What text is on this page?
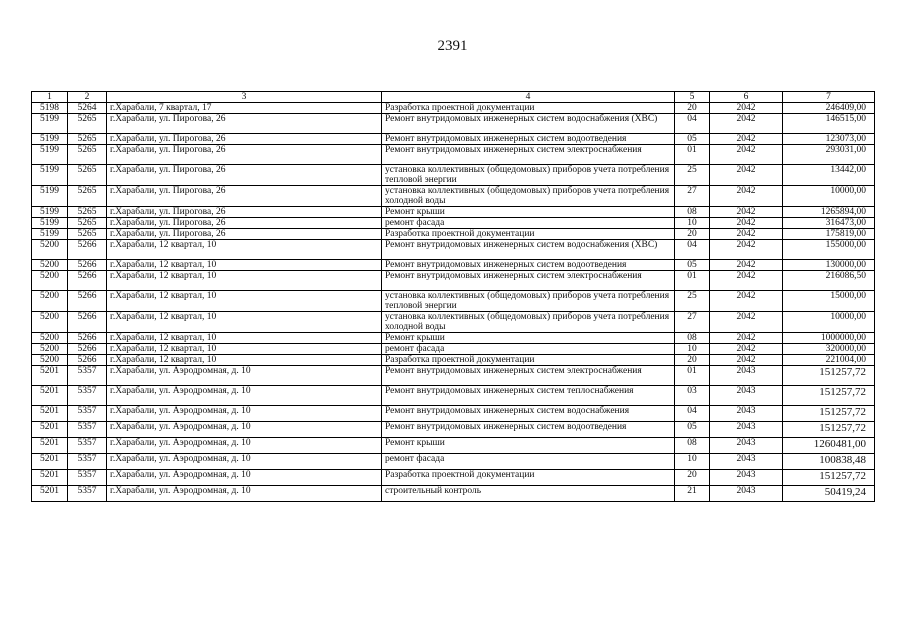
2391
1	2	3	4	5	6	7
5198	5264	г.Харабали, 7 квартал, 17	Разработка проектной документации	20	2042	246409,00
5199	5265	г.Харабали, ул. Пирогова, 26	Ремонт внутридомовых инженерных систем водоснабжения (ХВС)	04	2042	146515,00
5199	5265	г.Харабали, ул. Пирогова, 26	Ремонт внутридомовых инженерных систем водоотведения	05	2042	123073,00
5199	5265	г.Харабали, ул. Пирогова, 26	Ремонт внутридомовых инженерных систем электроснабжения	01	2042	293031,00
5199	5265	г.Харабали, ул. Пирогова, 26	установка коллективных (общедомовых) приборов учета потребления тепловой энергии	25	2042	13442,00
5199	5265	г.Харабали, ул. Пирогова, 26	установка коллективных (общедомовых) приборов учета потребления холодной воды	27	2042	10000,00
5199	5265	г.Харабали, ул. Пирогова, 26	Ремонт крыши	08	2042	1265894,00
5199	5265	г.Харабали, ул. Пирогова, 26	ремонт фасада	10	2042	316473,00
5199	5265	г.Харабали, ул. Пирогова, 26	Разработка проектной документации	20	2042	175819,00
5200	5266	г.Харабали, 12 квартал, 10	Ремонт внутридомовых инженерных систем водоснабжения (ХВС)	04	2042	155000,00
5200	5266	г.Харабали, 12 квартал, 10	Ремонт внутридомовых инженерных систем водоотведения	05	2042	130000,00
5200	5266	г.Харабали, 12 квартал, 10	Ремонт внутридомовых инженерных систем электроснабжения	01	2042	216086,50
5200	5266	г.Харабали, 12 квартал, 10	установка коллективных (общедомовых) приборов учета потребления тепловой энергии	25	2042	15000,00
5200	5266	г.Харабали, 12 квартал, 10	установка коллективных (общедомовых) приборов учета потребления холодной воды	27	2042	10000,00
5200	5266	г.Харабали, 12 квартал, 10	Ремонт крыши	08	2042	1000000,00
5200	5266	г.Харабали, 12 квартал, 10	ремонт фасада	10	2042	320000,00
5200	5266	г.Харабали, 12 квартал, 10	Разработка проектной документации	20	2042	221004,00
5201	5357	г.Харабали, ул. Аэродромная, д. 10	Ремонт внутридомовых инженерных систем электроснабжения	01	2043	151257,72
5201	5357	г.Харабали, ул. Аэродромная, д. 10	Ремонт внутридомовых инженерных систем теплоснабжения	03	2043	151257,72
5201	5357	г.Харабали, ул. Аэродромная, д. 10	Ремонт внутридомовых инженерных систем водоснабжения	04	2043	151257,72
5201	5357	г.Харабали, ул. Аэродромная, д. 10	Ремонт внутридомовых инженерных систем водоотведения	05	2043	151257,72
5201	5357	г.Харабали, ул. Аэродромная, д. 10	Ремонт крыши	08	2043	1260481,00
5201	5357	г.Харабали, ул. Аэродромная, д. 10	ремонт фасада	10	2043	100838,48
5201	5357	г.Харабали, ул. Аэродромная, д. 10	Разработка проектной документации	20	2043	151257,72
5201	5357	г.Харабали, ул. Аэродромная, д. 10	строительный контроль	21	2043	50419,24
